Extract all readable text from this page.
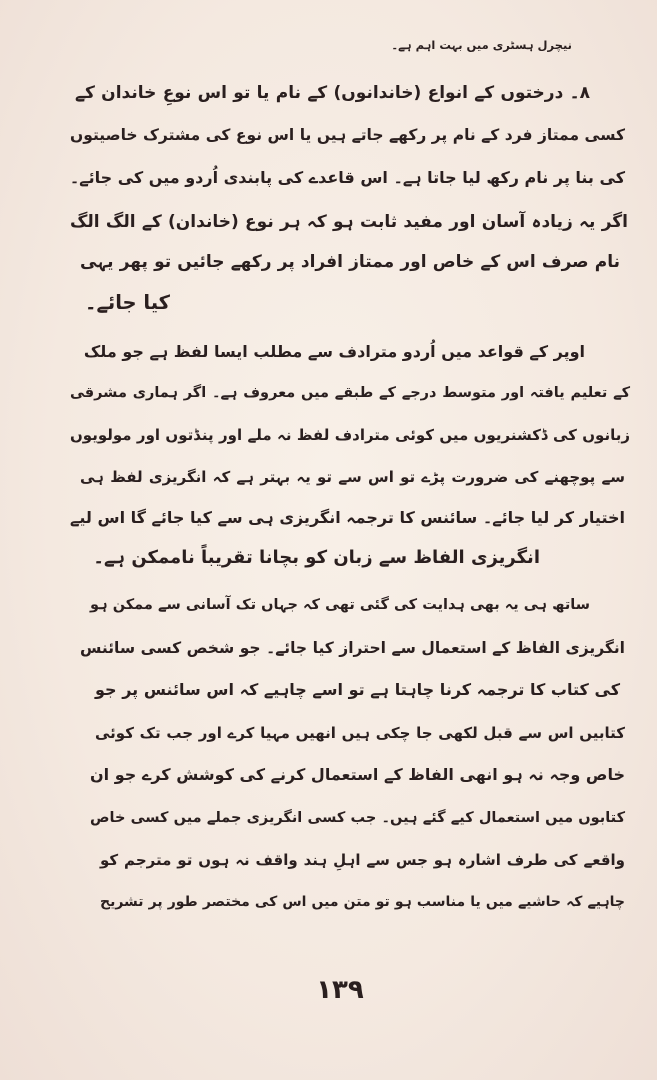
نیچرل ہسٹری میں بہت اہم ہے۔
۸۔ درختوں کے انواع (خاندانوں) کے نام یا تو اس نوعِ خاندان کے
کسی ممتاز فرد کے نام پر رکھے جاتے ہیں یا اس نوع کی مشترک خاصیتوں
کی بنا پر نام رکھ لیا جاتا ہے۔ اس قاعدے کی پابندی اُردو میں کی جائے۔
اگر یہ زیادہ آسان اور مفید ثابت ہو کہ ہر نوع (خاندان) کے الگ الگ
نام صرف اس کے خاص اور ممتاز افراد پر رکھے جائیں تو پھر یہی
کیا جائے۔
اوپر کے قواعد میں اُردو مترادف سے مطلب ایسا لفظ ہے جو ملک
کے تعلیم یافتہ اور متوسط درجے کے طبقے میں معروف ہے۔ اگر ہماری مشرقی
زبانوں کی ڈکشنریوں میں کوئی مترادف لفظ نہ ملے اور پنڈتوں اور مولویوں
سے پوچھنے کی ضرورت پڑے تو اس سے تو یہ بہتر ہے کہ انگریزی لفظ ہی
اختیار کر لیا جائے۔ سائنس کا ترجمہ انگریزی ہی سے کیا جائے گا اس لیے
انگریزی الفاظ سے زبان کو بچانا تقریباً ناممکن ہے۔
ساتھ ہی یہ بھی ہدایت کی گئی تھی کہ جہاں تک آسانی سے ممکن ہو
انگریزی الفاظ کے استعمال سے احتراز کیا جائے۔ جو شخص کسی سائنس
کی کتاب کا ترجمہ کرنا چاہتا ہے تو اسے چاہیے کہ اس سائنس پر جو
کتابیں اس سے قبل لکھی جا چکی ہیں انھیں مہیا کرے اور جب تک کوئی
خاص وجہ نہ ہو انھی الفاظ کے استعمال کرنے کی کوشش کرے جو ان
کتابوں میں استعمال کیے گئے ہیں۔ جب کسی انگریزی جملے میں کسی خاص
واقعے کی طرف اشارہ ہو جس سے اہلِ ہند واقف نہ ہوں تو مترجم کو
چاہیے کہ حاشیے میں یا مناسب ہو تو متن میں اس کی مختصر طور پر تشریح
۱۳۹
